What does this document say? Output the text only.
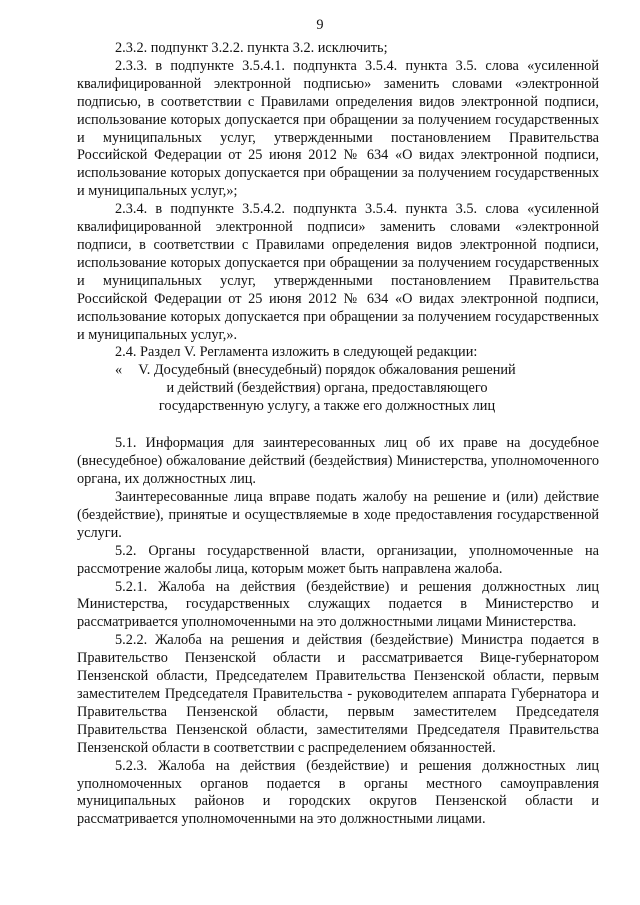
9

2.3.2. подпункт 3.2.2. пункта 3.2. исключить;

2.3.3. в подпункте 3.5.4.1. подпункта 3.5.4. пункта 3.5. слова «усиленной квалифицированной электронной подписью» заменить словами «электронной подписью, в соответствии с Правилами определения видов электронной подписи, использование которых допускается при обращении за получением государственных и муниципальных услуг, утвержденными постановлением Правительства Российской Федерации от 25 июня 2012 № 634 «О видах электронной подписи, использование которых допускается при обращении за получением государственных и муниципальных услуг,»;

2.3.4. в подпункте 3.5.4.2. подпункта 3.5.4. пункта 3.5. слова «усиленной квалифицированной электронной подписи» заменить словами «электронной подписи, в соответствии с Правилами определения видов электронной подписи, использование которых допускается при обращении за получением государственных и муниципальных услуг, утвержденными постановлением Правительства Российской Федерации от 25 июня 2012 № 634 «О видах электронной подписи, использование которых допускается при обращении за получением государственных и муниципальных услуг,».

2.4. Раздел V. Регламента изложить в следующей редакции:

«	V. Досудебный (внесудебный) порядок обжалования решений
и действий (бездействия) органа, предоставляющего
государственную услугу, а также его должностных лиц

5.1. Информация для заинтересованных лиц об их праве на досудебное (внесудебное) обжалование действий (бездействия) Министерства, уполномоченного органа, их должностных лиц.

Заинтересованные лица вправе подать жалобу на решение и (или) действие (бездействие), принятые и осуществляемые в ходе предоставления государственной услуги.

5.2. Органы государственной власти, организации, уполномоченные на рассмотрение жалобы лица, которым может быть направлена жалоба.

5.2.1. Жалоба на действия (бездействие) и решения должностных лиц Министерства, государственных служащих подается в Министерство и рассматривается уполномоченными на это должностными лицами Министерства.

5.2.2. Жалоба на решения и действия (бездействие) Министра подается в Правительство Пензенской области и рассматривается Вице-губернатором Пензенской области, Председателем Правительства Пензенской области, первым заместителем Председателя Правительства - руководителем аппарата Губернатора и Правительства Пензенской области, первым заместителем Председателя Правительства Пензенской области, заместителями Председателя Правительства Пензенской области в соответствии с распределением обязанностей.

5.2.3. Жалоба на действия (бездействие) и решения должностных лиц уполномоченных органов подается в органы местного самоуправления муниципальных районов и городских округов Пензенской области и рассматривается уполномоченными на это должностными лицами.
